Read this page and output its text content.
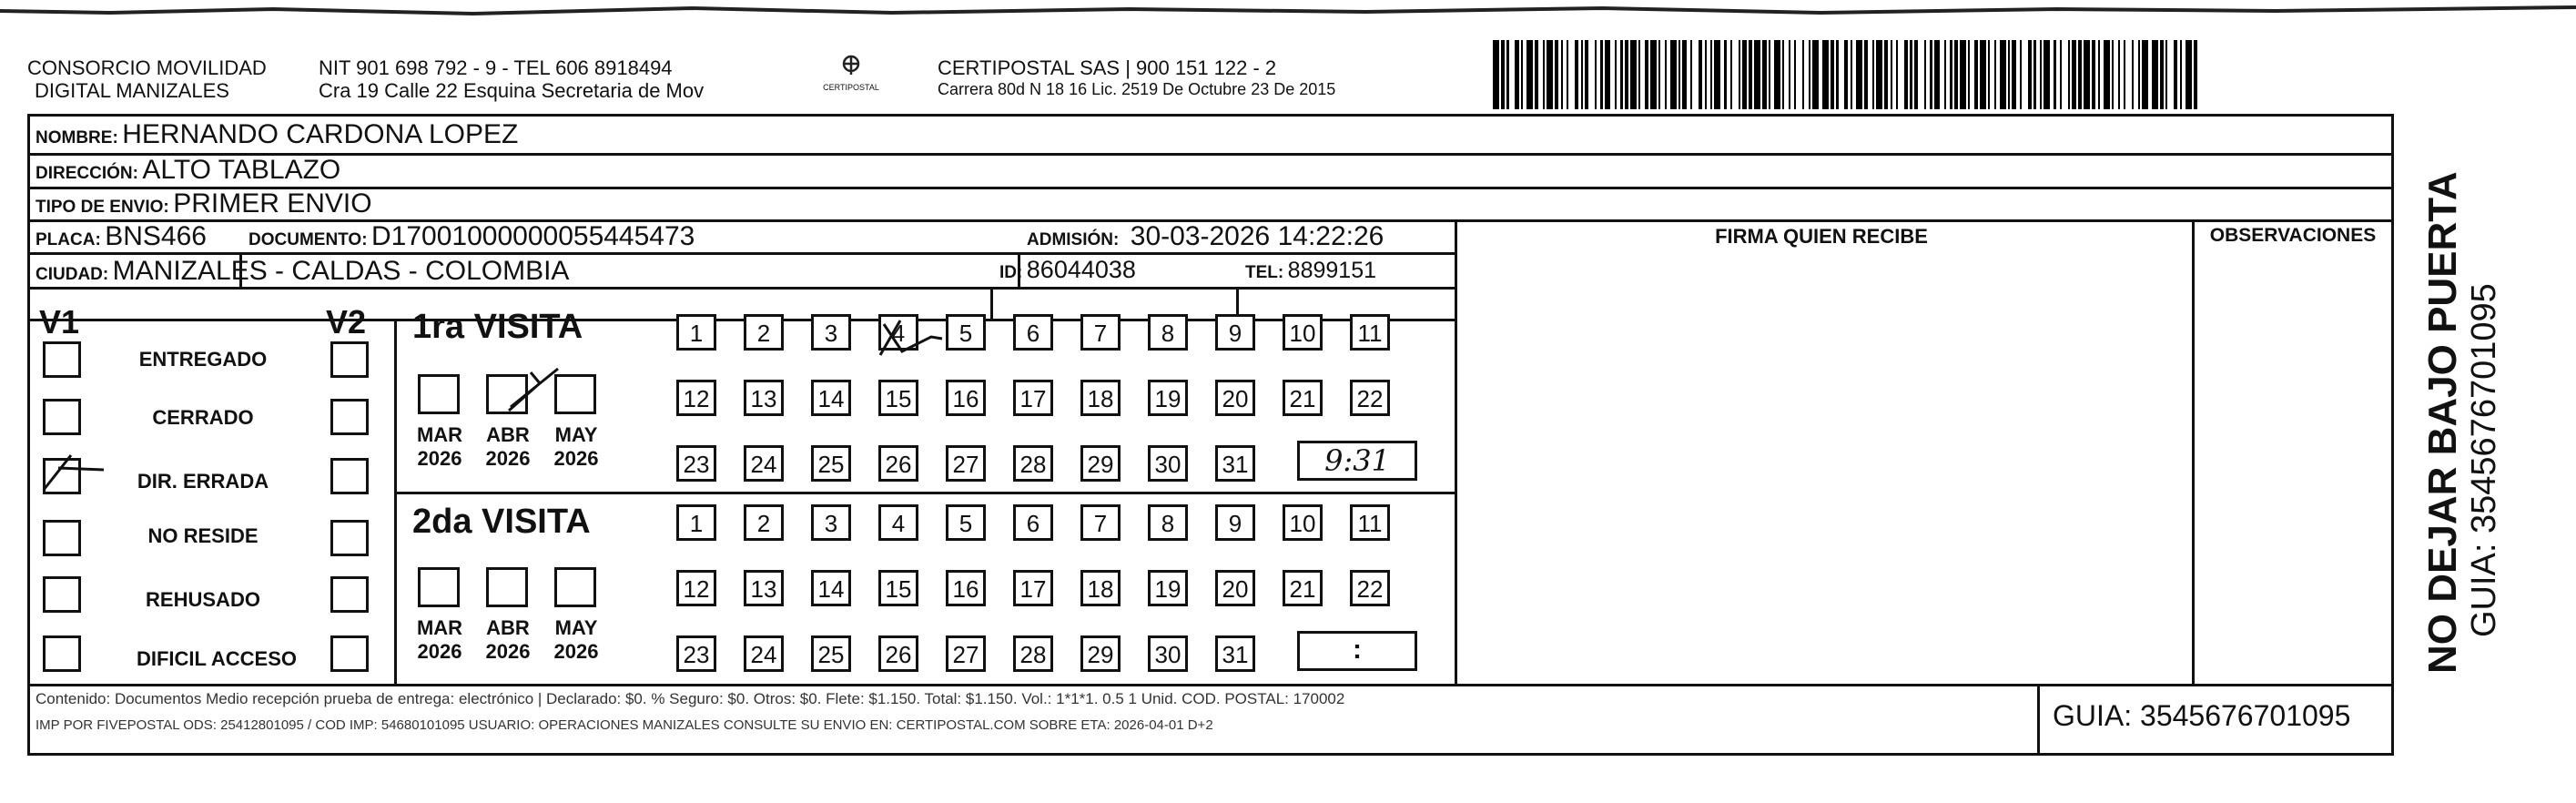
CONSORCIO MOVILIDAD
DIGITAL MANIZALES
NIT 901 698 792 - 9 - TEL 606 8918494
Cra 19 Calle 22 Esquina Secretaria de Mov	CERTIPOSTAL
CERTIPOSTAL SAS | 900 151 122 - 2
Carrera 80d N 18 16 Lic. 2519 De Octubre 23 De 2015
NOMBRE: HERNANDO CARDONA LOPEZ
DIRECCIÓN: ALTO TABLAZO
TIPO DE ENVIO: PRIMER ENVIO
FIRMA QUIEN RECIBE	OBSERVACIONES
PLACA: BNS466 DOCUMENTO: D17001000000055445473	ADMISIÓN: 30-03-2026 14:22:26
CIUDAD: MANIZALES - CALDAS - COLOMBIA	ID: 86044038	TEL: 8899151
V1	V2
ENTREGADO
CERRADO
DIR. ERRADA
NO RESIDE
REHUSADO
DIFICIL ACCESO
1ra VISITA
2da VISITA
MAR
2026
ABR
2026
MAY
2026
MAR
2026
ABR
2026
MAY
2026
1	2	3	4	5	6	7	8	9	10	11
12 13 14 15 16 17 18 19 20 21 22
23 24 25 26 27 28 29 30 31
1	2	3	4	5	6	7	8	9	10	11
12 13 14 15 16 17 18 19 20 21 22
23 24 25 26 27 28 29 30 31
9:31
:
Contenido: Documentos Medio recepción prueba de entrega: electrónico | Declarado: $0. % Seguro: $0. Otros: $0. Flete: $1.150. Total: $1.150. Vol.: 1*1*1. 0.5 1 Unid. COD. POSTAL: 170002
IMP POR FIVEPOSTAL ODS: 25412801095 / COD IMP: 54680101095 USUARIO: OPERACIONES MANIZALES CONSULTE SU ENVIO EN: CERTIPOSTAL.COM SOBRE ETA: 2026-04-01 D+2	GUIA: 3545676701095
NO DEJAR BAJO PUERTA GUIA: 3545676701095
